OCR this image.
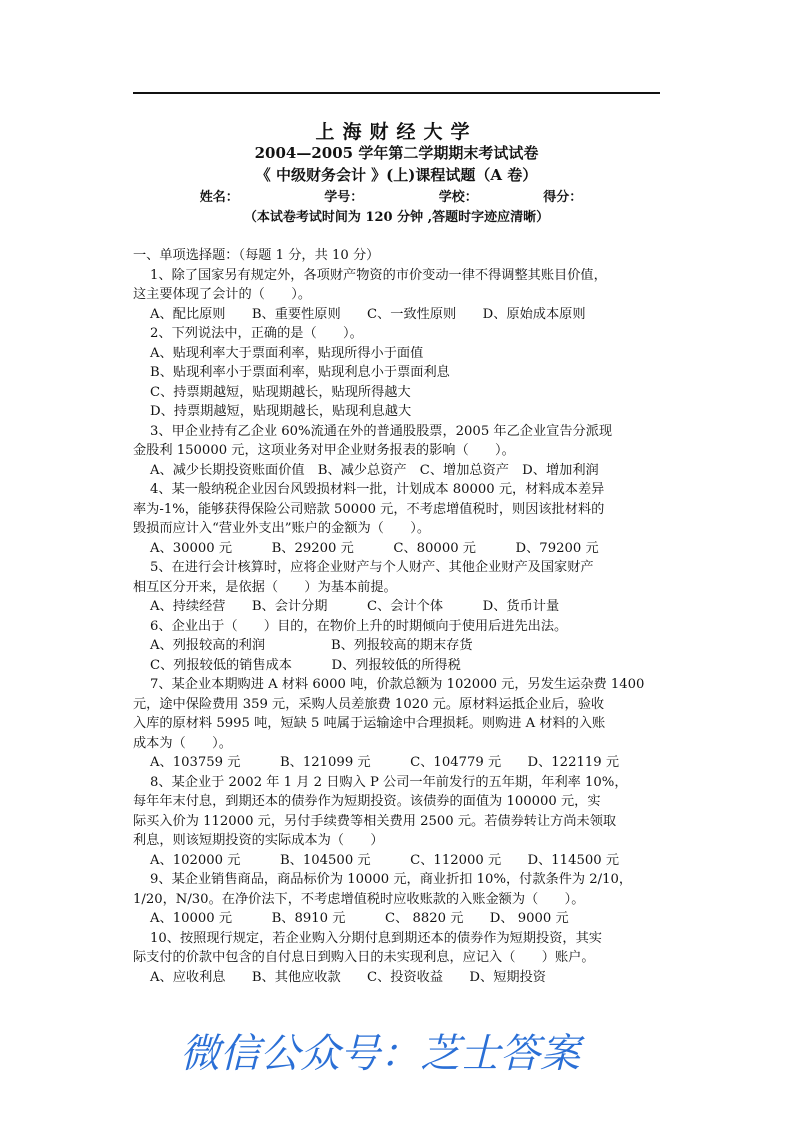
上海财经大学
2004—2005 学年第二学期期末考试试卷
《 中级财务会计 》(上)课程试题（A 卷）
姓名：	学号：	学校：	得分：
（本试卷考试时间为 120 分钟 ,答题时字迹应清晰）
一、单项选择题：（每题 1 分，共 10 分）
1、除了国家另有规定外，各项财产物资的市价变动一律不得调整其账目价值，
这主要体现了会计的（　　）。
A、配比原则　　B、重要性原则　　C、一致性原则　　D、原始成本原则
2、下列说法中，正确的是（　　）。
A、贴现利率大于票面利率，贴现所得小于面值
B、贴现利率小于票面利率，贴现利息小于票面利息
C、持票期越短，贴现期越长，贴现所得越大
D、持票期越短，贴现期越长，贴现利息越大
3、甲企业持有乙企业 60%流通在外的普通股股票，2005 年乙企业宣告分派现
金股利 150000 元，这项业务对甲企业财务报表的影响（　　）。
A、减少长期投资账面价值　B、减少总资产　C、增加总资产　D、增加利润
4、某一般纳税企业因台风毁损材料一批，计划成本 80000 元，材料成本差异
率为-1%，能够获得保险公司赔款 50000 元，不考虑增值税时，则因该批材料的
毁损而应计入“营业外支出”账户的金额为（　　）。
A、30000 元　　　B、29200 元　　　C、80000 元　　　D、79200 元
5、在进行会计核算时，应将企业财产与个人财产、其他企业财产及国家财产
相互区分开来，是依据（　　）为基本前提。
A、持续经营　　B、会计分期　　　C、会计个体　　　D、货币计量
6、企业出于（　　）目的，在物价上升的时期倾向于使用后进先出法。
A、列报较高的利润　　　　　B、列报较高的期末存货
C、列报较低的销售成本　　　D、列报较低的所得税
7、某企业本期购进 A 材料 6000 吨，价款总额为 102000 元，另发生运杂费 1400
元，途中保险费用 359 元，采购人员差旅费 1020 元。原材料运抵企业后，验收
入库的原材料 5995 吨，短缺 5 吨属于运输途中合理损耗。则购进 A 材料的入账
成本为（　　）。
A、103759 元　　　B、121099 元　　　C、104779 元　　D、122119 元
8、某企业于 2002 年 1 月 2 日购入 P 公司一年前发行的五年期，年利率 10%，
每年年末付息，到期还本的债券作为短期投资。该债券的面值为 100000 元，实
际买入价为 112000 元，另付手续费等相关费用 2500 元。若债券转让方尚未领取
利息，则该短期投资的实际成本为（　　）
A、102000 元　　　B、104500 元　　　C、112000 元　　D、114500 元
9、某企业销售商品，商品标价为 10000 元，商业折扣 10%，付款条件为 2/10，
1/20，N/30。在净价法下，不考虑增值税时应收账款的入账金额为（　　）。
A、10000 元　　　B、8910 元　　　C、 8820 元　　D、 9000 元
10、按照现行规定，若企业购入分期付息到期还本的债券作为短期投资，其实
际支付的价款中包含的自付息日到购入日的未实现利息，应记入（　　）账户。
A、应收利息　　B、其他应收款　　C、投资收益　　D、短期投资
微信公众号：芝士答案
